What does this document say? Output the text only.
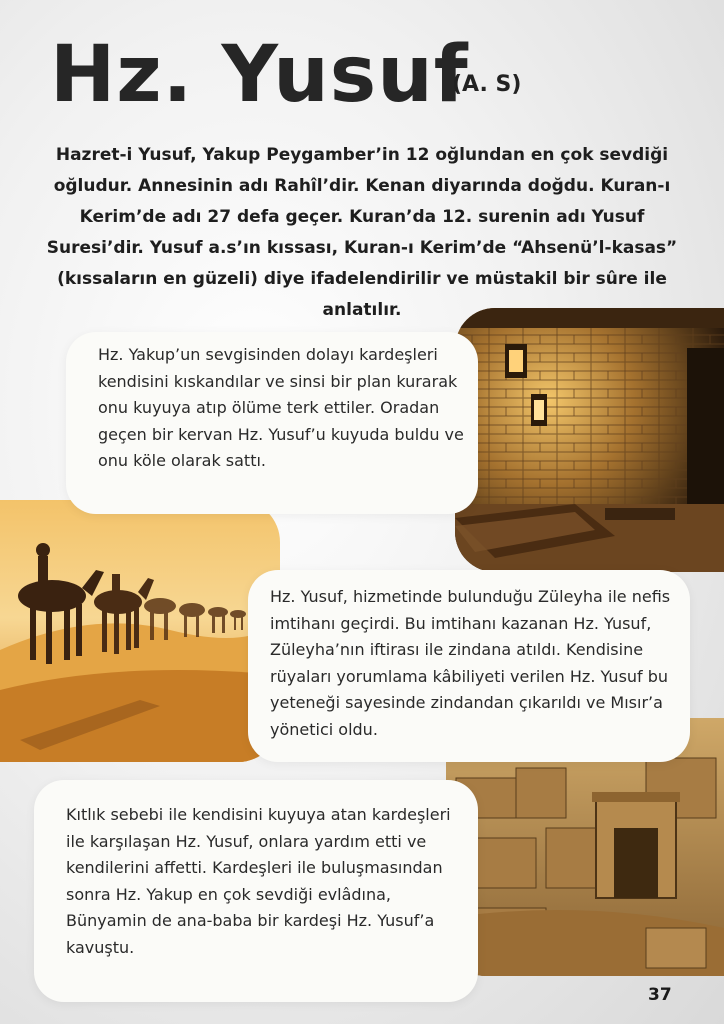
Hz. Yusuf
(A. S)

Hazret-i Yusuf, Yakup Peygamber’in 12 oğlundan en çok sevdiği oğludur. Annesinin adı Rahîl’dir. Kenan diyarında doğdu. Kuran-ı Kerim’de adı 27 defa geçer. Kuran’da 12. surenin adı Yusuf Suresi’dir. Yusuf a.s’ın kıssası, Kuran-ı Kerim’de “Ahsenü’l-kasas” (kıssaların en güzeli) diye ifadelendirilir ve müstakil bir sûre ile anlatılır.

Hz. Yakup’un sevgisinden dolayı kardeşleri kendisini kıskandılar ve sinsi bir plan kurarak onu kuyuya atıp ölüme terk ettiler. Oradan geçen bir kervan Hz. Yusuf’u kuyuda buldu ve onu köle olarak sattı.

Hz. Yusuf, hizmetinde bulunduğu Züleyha ile nefis imtihanı geçirdi. Bu imtihanı kazanan Hz. Yusuf, Züleyha’nın iftirası ile zindana atıldı. Kendisine rüyaları yorumlama kâbiliyeti verilen Hz. Yusuf bu yeteneği sayesinde zindandan çıkarıldı ve Mısır’a yönetici oldu.

Kıtlık sebebi ile kendisini kuyuya atan kardeşleri ile karşılaşan Hz. Yusuf, onlara yardım etti ve kendilerini affetti. Kardeşleri ile buluşmasından sonra Hz. Yakup en çok sevdiği evlâdına, Bünyamin de ana-baba bir kardeşi Hz. Yusuf’a kavuştu.

37
